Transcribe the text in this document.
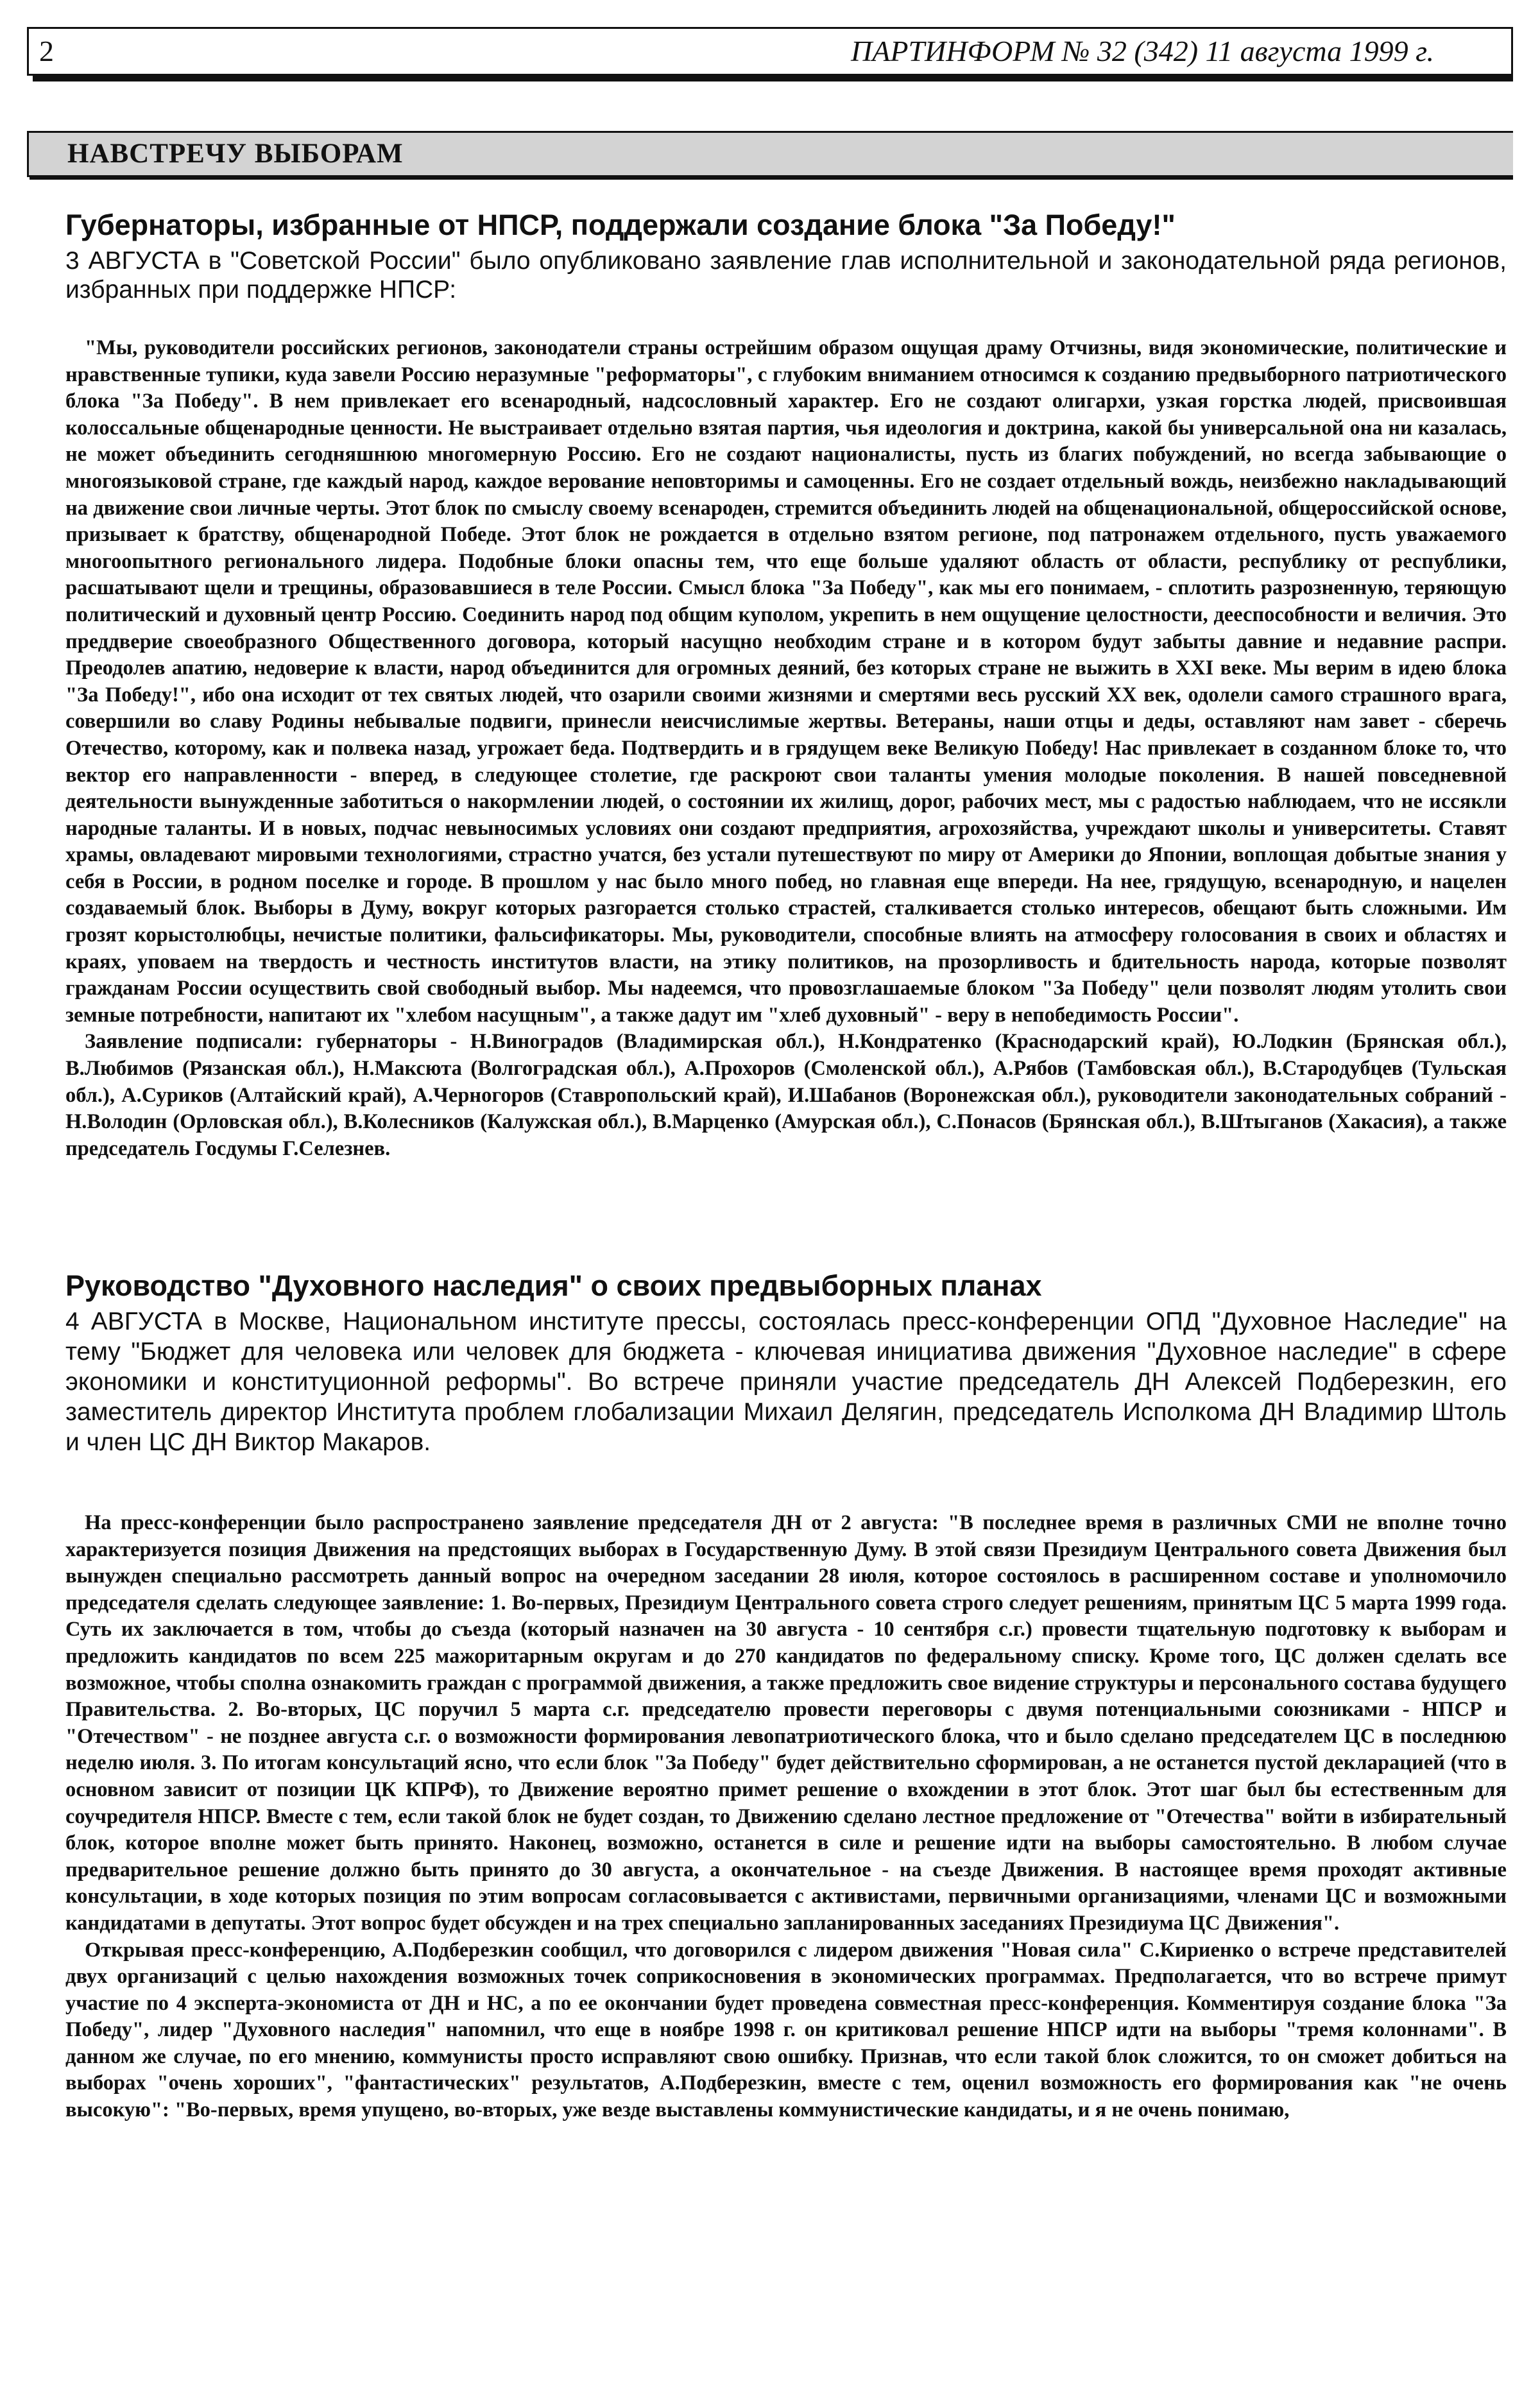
2	ПАРТИНФОРМ № 32 (342) 11 августа 1999 г.
НАВСТРЕЧУ ВЫБОРАМ
Губернаторы, избранные от НПСР, поддержали создание блока "За Победу!"
3 АВГУСТА в "Советской России" было опубликовано заявление глав исполнительной и законодательной ряда регионов, избранных при поддержке НПСР:

"Мы, руководители российских регионов, законодатели страны острейшим образом ощущая драму Отчизны, видя экономические, политические и нравственные тупики, куда завели Россию неразумные "реформаторы", с глубоким вниманием относимся к созданию предвыборного патриотического блока "За Победу". В нем привлекает его всенародный, надсословный характер. Его не создают олигархи, узкая горстка людей, присвоившая колоссальные общенародные ценности. Не выстраивает отдельно взятая партия, чья идеология и доктрина, какой бы универсальной она ни казалась, не может объединить сегодняшнюю многомерную Россию. Его не создают националисты, пусть из благих побуждений, но всегда забывающие о многоязыковой стране, где каждый народ, каждое верование неповторимы и самоценны. Его не создает отдельный вождь, неизбежно накладывающий на движение свои личные черты. Этот блок по смыслу своему всенароден, стремится объединить людей на общенациональной, общероссийской основе, призывает к братству, общенародной Победе. Этот блок не рождается в отдельно взятом регионе, под патронажем отдельного, пусть уважаемого многоопытного регионального лидера. Подобные блоки опасны тем, что еще больше удаляют область от области, республику от республики, расшатывают щели и трещины, образовавшиеся в теле России. Смысл блока "За Победу", как мы его понимаем, - сплотить разрозненную, теряющую политический и духовный центр Россию. Соединить народ под общим куполом, укрепить в нем ощущение целостности, дееспособности и величия. Это преддверие своеобразного Общественного договора, который насущно необходим стране и в котором будут забыты давние и недавние распри. Преодолев апатию, недоверие к власти, народ объединится для огромных деяний, без которых стране не выжить в XXI веке. Мы верим в идею блока "За Победу!", ибо она исходит от тех святых людей, что озарили своими жизнями и смертями весь русский XX век, одолели самого страшного врага, совершили во славу Родины небывалые подвиги, принесли неисчислимые жертвы. Ветераны, наши отцы и деды, оставляют нам завет - сберечь Отечество, которому, как и полвека назад, угрожает беда. Подтвердить и в грядущем веке Великую Победу! Нас привлекает в созданном блоке то, что вектор его направленности - вперед, в следующее столетие, где раскроют свои таланты умения молодые поколения. В нашей повседневной деятельности вынужденные заботиться о накормлении людей, о состоянии их жилищ, дорог, рабочих мест, мы с радостью наблюдаем, что не иссякли народные таланты. И в новых, подчас невыносимых условиях они создают предприятия, агрохозяйства, учреждают школы и университеты. Ставят храмы, овладевают мировыми технологиями, страстно учатся, без устали путешествуют по миру от Америки до Японии, воплощая добытые знания у себя в России, в родном поселке и городе. В прошлом у нас было много побед, но главная еще впереди. На нее, грядущую, всенародную, и нацелен создаваемый блок. Выборы в Думу, вокруг которых разгорается столько страстей, сталкивается столько интересов, обещают быть сложными. Им грозят корыстолюбцы, нечистые политики, фальсификаторы. Мы, руководители, способные влиять на атмосферу голосования в своих и областях и краях, уповаем на твердость и честность институтов власти, на этику политиков, на прозорливость и бдительность народа, которые позволят гражданам России осуществить свой свободный выбор. Мы надеемся, что провозглашаемые блоком "За Победу" цели позволят людям утолить свои земные потребности, напитают их "хлебом насущным", а также дадут им "хлеб духовный" - веру в непобедимость России".

Заявление подписали: губернаторы - Н.Виноградов (Владимирская обл.), Н.Кондратенко (Краснодарский край), Ю.Лодкин (Брянская обл.), В.Любимов (Рязанская обл.), Н.Максюта (Волгоградская обл.), А.Прохоров (Смоленской обл.), А.Рябов (Тамбовская обл.), В.Стародубцев (Тульская обл.), А.Суриков (Алтайский край), А.Черногоров (Ставропольский край), И.Шабанов (Воронежская обл.), руководители законодательных собраний - Н.Володин (Орловская обл.), В.Колесников (Калужская обл.), В.Марценко (Амурская обл.), С.Понасов (Брянская обл.), В.Штыганов (Хакасия), а также председатель Госдумы Г.Селезнев.

Руководство "Духовного наследия" о своих предвыборных планах
4 АВГУСТА в Москве, Национальном институте прессы, состоялась пресс-конференции ОПД "Духовное Наследие" на тему "Бюджет для человека или человек для бюджета - ключевая инициатива движения "Духовное наследие" в сфере экономики и конституционной реформы". Во встрече приняли участие председатель ДН Алексей Подберезкин, его заместитель директор Института проблем глобализации Михаил Делягин, председатель Исполкома ДН Владимир Штоль и член ЦС ДН Виктор Макаров.

На пресс-конференции было распространено заявление председателя ДН от 2 августа: "В последнее время в различных СМИ не вполне точно характеризуется позиция Движения на предстоящих выборах в Государственную Думу. В этой связи Президиум Центрального совета Движения был вынужден специально рассмотреть данный вопрос на очередном заседании 28 июля, которое состоялось в расширенном составе и уполномочило председателя сделать следующее заявление: 1. Во-первых, Президиум Центрального совета строго следует решениям, принятым ЦС 5 марта 1999 года. Суть их заключается в том, чтобы до съезда (который назначен на 30 августа - 10 сентября с.г.) провести тщательную подготовку к выборам и предложить кандидатов по всем 225 мажоритарным округам и до 270 кандидатов по федеральному списку. Кроме того, ЦС должен сделать все возможное, чтобы сполна ознакомить граждан с программой движения, а также предложить свое видение структуры и персонального состава будущего Правительства. 2. Во-вторых, ЦС поручил 5 марта с.г. председателю провести переговоры с двумя потенциальными союзниками - НПСР и "Отечеством" - не позднее августа с.г. о возможности формирования левопатриотического блока, что и было сделано председателем ЦС в последнюю неделю июля. 3. По итогам консультаций ясно, что если блок "За Победу" будет действительно сформирован, а не останется пустой декларацией (что в основном зависит от позиции ЦК КПРФ), то Движение вероятно примет решение о вхождении в этот блок. Этот шаг был бы естественным для соучредителя НПСР. Вместе с тем, если такой блок не будет создан, то Движению сделано лестное предложение от "Отечества" войти в избирательный блок, которое вполне может быть принято. Наконец, возможно, останется в силе и решение идти на выборы самостоятельно. В любом случае предварительное решение должно быть принято до 30 августа, а окончательное - на съезде Движения. В настоящее время проходят активные консультации, в ходе которых позиция по этим вопросам согласовывается с активистами, первичными организациями, членами ЦС и возможными кандидатами в депутаты. Этот вопрос будет обсужден и на трех специально запланированных заседаниях Президиума ЦС Движения".

Открывая пресс-конференцию, А.Подберезкин сообщил, что договорился с лидером движения "Новая сила" С.Кириенко о встрече представителей двух организаций с целью нахождения возможных точек соприкосновения в экономических программах. Предполагается, что во встрече примут участие по 4 эксперта-экономиста от ДН и НС, а по ее окончании будет проведена совместная пресс-конференция. Комментируя создание блока "За Победу", лидер "Духовного наследия" напомнил, что еще в ноябре 1998 г. он критиковал решение НПСР идти на выборы "тремя колоннами". В данном же случае, по его мнению, коммунисты просто исправляют свою ошибку. Признав, что если такой блок сложится, то он сможет добиться на выборах "очень хороших", "фантастических" результатов, А.Подберезкин, вместе с тем, оценил возможность его формирования как "не очень высокую": "Во-первых, время упущено, во-вторых, уже везде выставлены коммунистические кандидаты, и я не очень понимаю,
